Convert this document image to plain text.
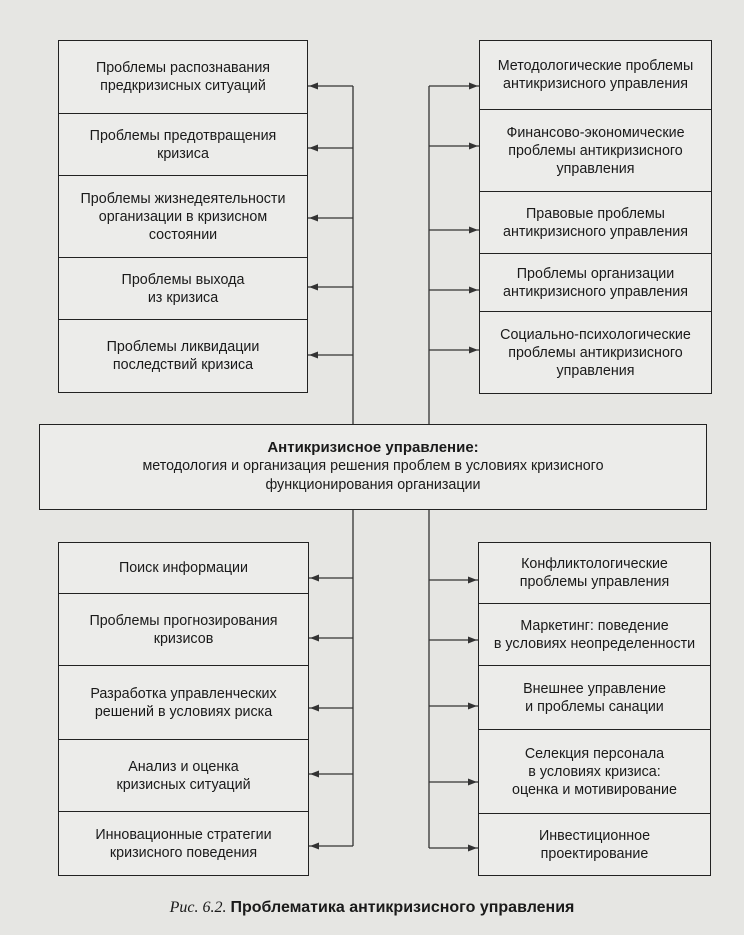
Проблемы распознавания
предкризисных ситуаций
Проблемы предотвращения
кризиса
Проблемы жизнедеятельности
организации в кризисном
состоянии
Проблемы выхода
из кризиса
Проблемы ликвидации
последствий кризиса
Методологические проблемы
антикризисного управления
Финансово-экономические
проблемы антикризисного
управления
Правовые проблемы
антикризисного управления
Проблемы организации
антикризисного управления
Социально-психологические
проблемы антикризисного
управления
Антикризисное управление:
методология и организация решения проблем в условиях кризисного
функционирования организации
Поиск информации
Проблемы прогнозирования
кризисов
Разработка управленческих
решений в условиях риска
Анализ и оценка
кризисных ситуаций
Инновационные стратегии
кризисного поведения
Конфликтологические
проблемы управления
Маркетинг: поведение
в условиях неопределенности
Внешнее управление
и проблемы санации
Селекция персонала
в условиях кризиса:
оценка и мотивирование
Инвестиционное
проектирование
Рис. 6.2. Проблематика антикризисного управления
